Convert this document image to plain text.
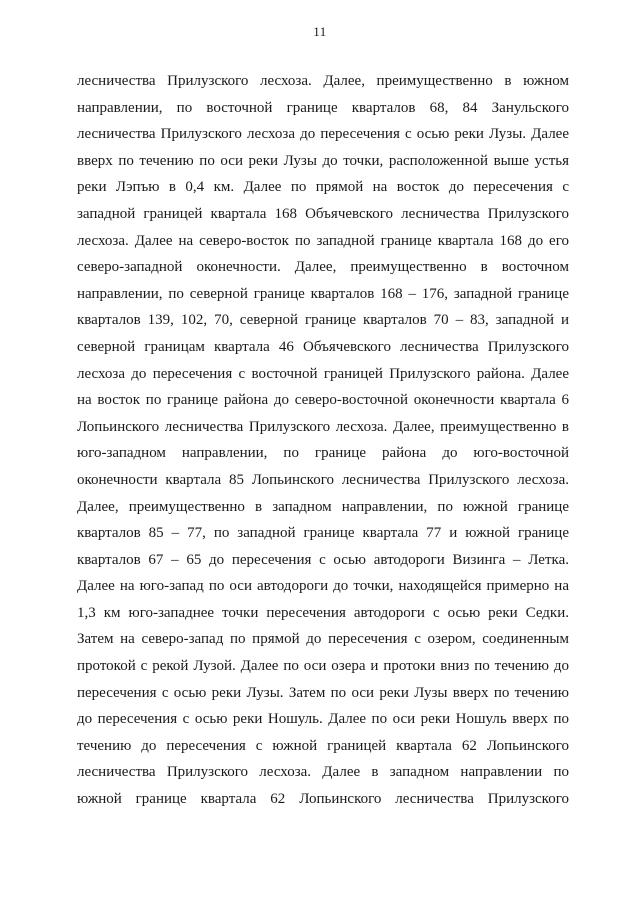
11
лесничества Прилузского лесхоза. Далее, преимущественно в южном
направлении, по восточной границе кварталов 68, 84 Занульского
лесничества Прилузского лесхоза до пересечения с осью реки Лузы. Далее
вверх по течению по оси реки Лузы до точки, расположенной выше устья
реки Лэпъю в 0,4 км. Далее по прямой на восток до пересечения с
западной границей квартала 168 Объячевского лесничества Прилузского
лесхоза. Далее на северо-восток по западной границе квартала 168 до его
северо-западной оконечности. Далее, преимущественно в восточном
направлении, по северной границе кварталов 168 – 176, западной границе
кварталов 139, 102, 70, северной границе кварталов 70 – 83, западной и
северной границам квартала 46 Объячевского лесничества Прилузского
лесхоза до пересечения с восточной границей Прилузского района. Далее
на восток по границе района до северо-восточной оконечности квартала 6
Лопьинского лесничества Прилузского лесхоза. Далее, преимущественно в
юго-западном направлении, по границе района до юго-восточной
оконечности квартала 85 Лопьинского лесничества Прилузского лесхоза.
Далее, преимущественно в западном направлении, по южной границе
кварталов 85 – 77, по западной границе квартала 77 и южной границе
кварталов 67 – 65 до пересечения с осью автодороги Визинга – Летка.
Далее на юго-запад по оси автодороги до точки, находящейся примерно на
1,3 км юго-западнее точки пересечения автодороги с осью реки Седки.
Затем на северо-запад по прямой до пересечения с озером, соединенным
протокой с рекой Лузой. Далее по оси озера и протоки вниз по течению до
пересечения с осью реки Лузы. Затем по оси реки Лузы вверх по течению
до пересечения с осью реки Ношуль. Далее по оси реки Ношуль вверх по
течению до пересечения с южной границей квартала 62 Лопьинского
лесничества Прилузского лесхоза. Далее в западном направлении по
южной границе квартала 62 Лопьинского лесничества Прилузского
